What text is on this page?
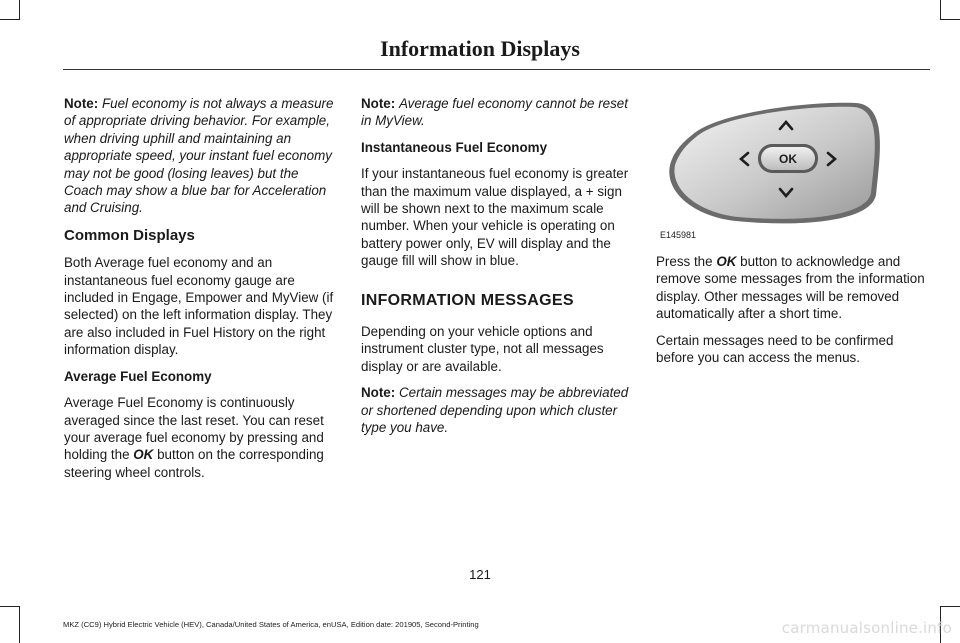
Information Displays

Note: Fuel economy is not always a measure of appropriate driving behavior. For example, when driving uphill and maintaining an appropriate speed, your instant fuel economy may not be good (losing leaves) but the Coach may show a blue bar for Acceleration and Cruising.

Common Displays

Both Average fuel economy and an instantaneous fuel economy gauge are included in Engage, Empower and MyView (if selected) on the left information display. They are also included in Fuel History on the right information display.

Average Fuel Economy

Average Fuel Economy is continuously averaged since the last reset. You can reset your average fuel economy by pressing and holding the OK button on the corresponding steering wheel controls.

Note: Average fuel economy cannot be reset in MyView.

Instantaneous Fuel Economy

If your instantaneous fuel economy is greater than the maximum value displayed, a + sign will be shown next to the maximum scale number. When your vehicle is operating on battery power only, EV will display and the gauge fill will show in blue.

INFORMATION MESSAGES

Depending on your vehicle options and instrument cluster type, not all messages display or are available.

Note: Certain messages may be abbreviated or shortened depending upon which cluster type you have.

OK
E145981

Press the OK button to acknowledge and remove some messages from the information display. Other messages will be removed automatically after a short time.

Certain messages need to be confirmed before you can access the menus.

121
MKZ (CC9) Hybrid Electric Vehicle (HEV), Canada/United States of America, enUSA, Edition date: 201905, Second-Printing	carmanualsonline.info
